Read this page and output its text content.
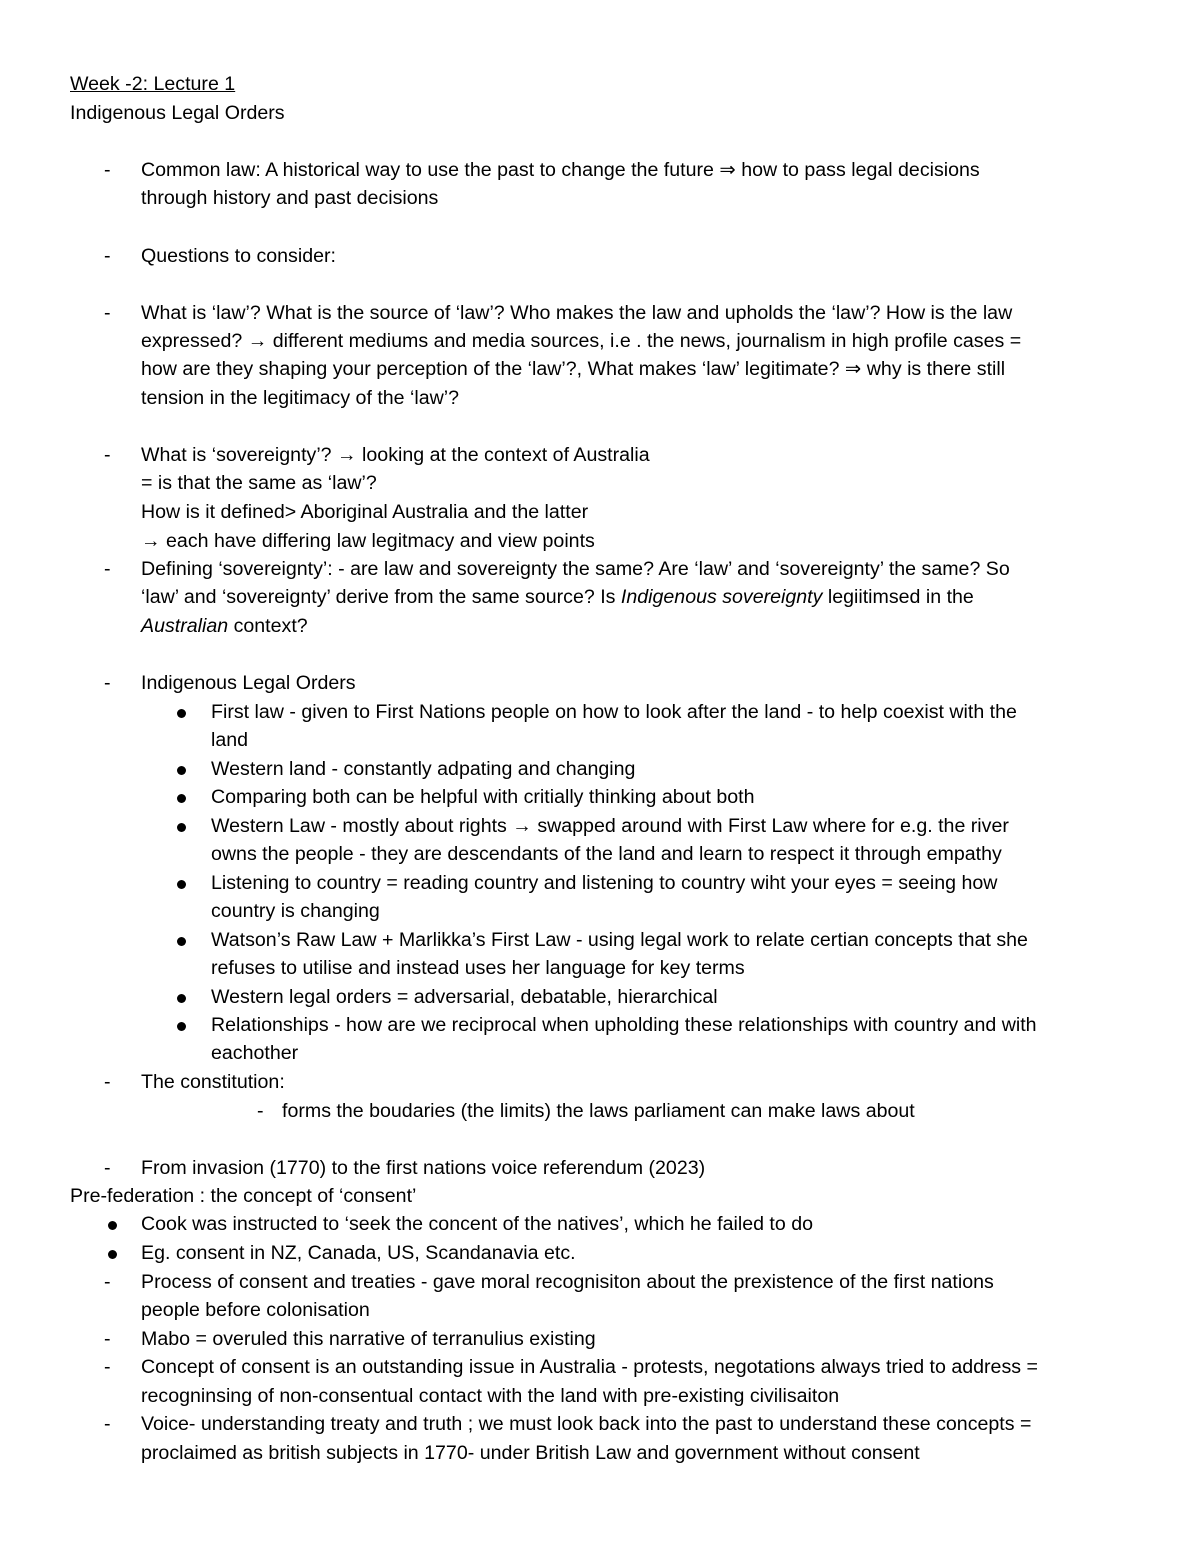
Week -2: Lecture 1

Indigenous Legal Orders

- Common law: A historical way to use the past to change the future ⇒ how to pass legal decisions

through history and past decisions

- Questions to consider:

- What is ‘law’? What is the source of ‘law’? Who makes the law and upholds the ‘law’? How is the law

expressed? → different mediums and media sources, i.e . the news, journalism in high profile cases =

how are they shaping your perception of the ‘law’?, What makes ‘law’ legitimate? ⇒ why is there still

tension in the legitimacy of the ‘law’?

- What is ‘sovereignty’? → looking at the context of Australia

= is that the same as ‘law’?

How is it defined> Aboriginal Australia and the latter

→ each have differing law legitmacy and view points

- Defining ‘sovereignty’: - are law and sovereignty the same? Are ‘law’ and ‘sovereignty’ the same? So

‘law’ and ‘sovereignty’ derive from the same source? Is Indigenous sovereignty legiitimsed in the

Australian context?

- Indigenous Legal Orders

First law - given to First Nations people on how to look after the land - to help coexist with the

land

Western land - constantly adpating and changing

Comparing both can be helpful with critially thinking about both

Western Law - mostly about rights → swapped around with First Law where for e.g. the river

owns the people - they are descendants of the land and learn to respect it through empathy

Listening to country = reading country and listening to country wiht your eyes = seeing how

country is changing

Watson’s Raw Law + Marlikka’s First Law - using legal work to relate certian concepts that she

refuses to utilise and instead uses her language for key terms

Western legal orders = adversarial, debatable, hierarchical

Relationships - how are we reciprocal when upholding these relationships with country and with

eachother

- The constitution:

- forms the boudaries (the limits) the laws parliament can make laws about

- From invasion (1770) to the first nations voice referendum (2023)

Pre-federation : the concept of ‘consent’

Cook was instructed to ‘seek the concent of the natives’, which he failed to do

Eg. consent in NZ, Canada, US, Scandanavia etc.

- Process of consent and treaties - gave moral recognisiton about the prexistence of the first nations

people before colonisation

- Mabo = overuled this narrative of terranulius existing

- Concept of consent is an outstanding issue in Australia - protests, negotations always tried to address =

recogninsing of non-consentual contact with the land with pre-existing civilisaiton

- Voice- understanding treaty and truth ; we must look back into the past to understand these concepts =

proclaimed as british subjects in 1770- under British Law and government without consent
